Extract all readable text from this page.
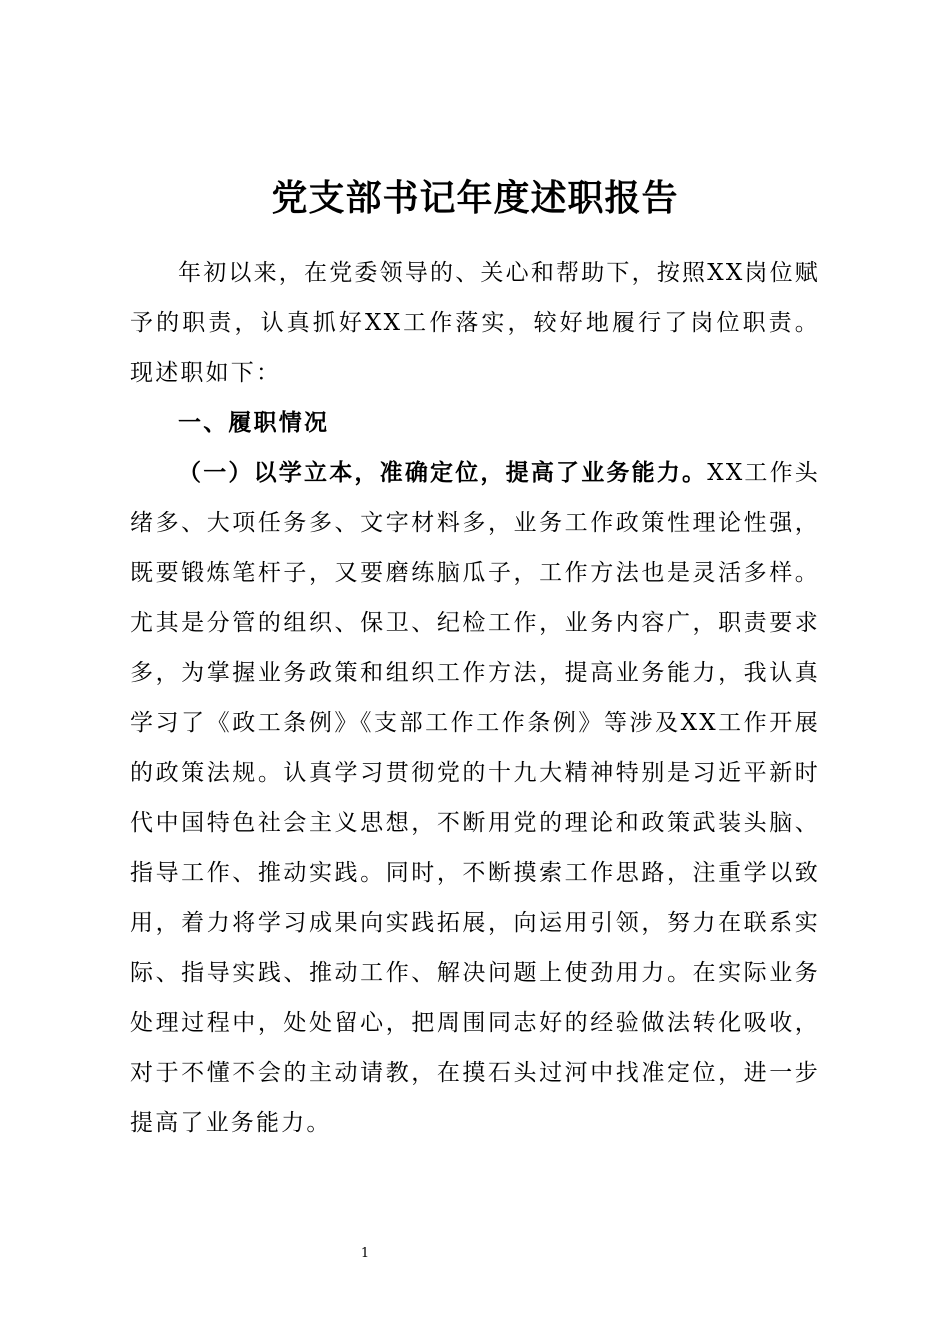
党支部书记年度述职报告

年初以来，在党委领导的、关心和帮助下，按照XX岗位赋予的职责，认真抓好XX工作落实，较好地履行了岗位职责。现述职如下：

一、履职情况

（一）以学立本，准确定位，提高了业务能力。XX工作头绪多、大项任务多、文字材料多，业务工作政策性理论性强，既要锻炼笔杆子，又要磨练脑瓜子，工作方法也是灵活多样。尤其是分管的组织、保卫、纪检工作，业务内容广，职责要求多，为掌握业务政策和组织工作方法，提高业务能力，我认真学习了《政工条例》《支部工作工作条例》等涉及XX工作开展的政策法规。认真学习贯彻党的十九大精神特别是习近平新时代中国特色社会主义思想，不断用党的理论和政策武装头脑、指导工作、推动实践。同时，不断摸索工作思路，注重学以致用，着力将学习成果向实践拓展，向运用引领，努力在联系实际、指导实践、推动工作、解决问题上使劲用力。在实际业务处理过程中，处处留心，把周围同志好的经验做法转化吸收，对于不懂不会的主动请教，在摸石头过河中找准定位，进一步提高了业务能力。

1
